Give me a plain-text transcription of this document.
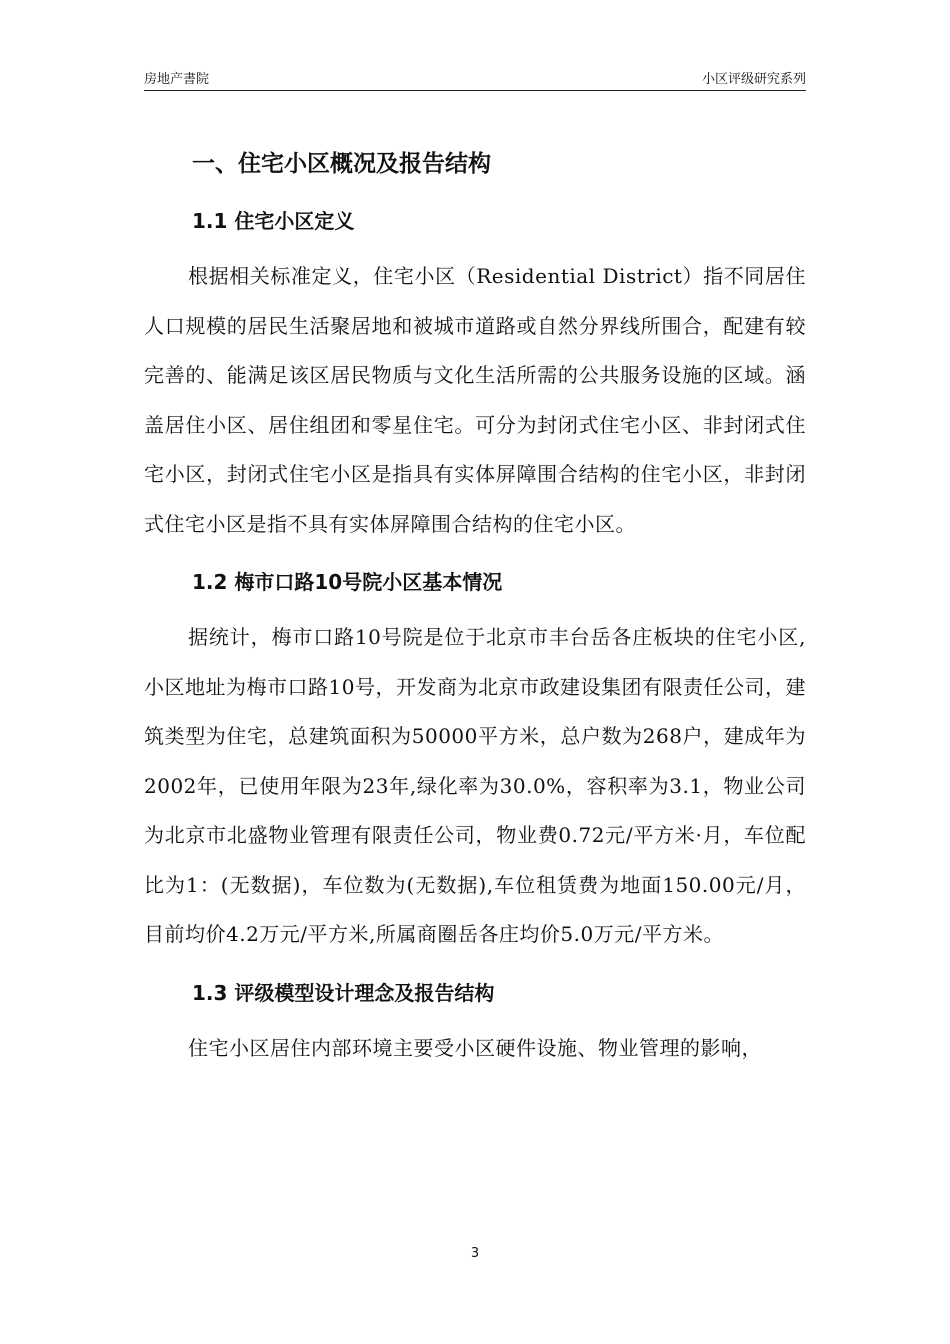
房地产書院	小区评级研究系列
一、住宅小区概况及报告结构
1.1 住宅小区定义

根据相关标准定义，住宅小区（Residential District）指不同居住人口规模的居民生活聚居地和被城市道路或自然分界线所围合，配建有较完善的、能满足该区居民物质与文化生活所需的公共服务设施的区域。涵盖居住小区、居住组团和零星住宅。可分为封闭式住宅小区、非封闭式住宅小区，封闭式住宅小区是指具有实体屏障围合结构的住宅小区，非封闭式住宅小区是指不具有实体屏障围合结构的住宅小区。

1.2 梅市口路10号院小区基本情况

据统计，梅市口路10号院是位于北京市丰台岳各庄板块的住宅小区,小区地址为梅市口路10号，开发商为北京市政建设集团有限责任公司，建筑类型为住宅，总建筑面积为50000平方米，总户数为268户，建成年为2002年，已使用年限为23年,绿化率为30.0%，容积率为3.1，物业公司为北京市北盛物业管理有限责任公司，物业费0.72元/平方米·月，车位配比为1：(无数据)，车位数为(无数据),车位租赁费为地面150.00元/月，目前均价4.2万元/平方米,所属商圈岳各庄均价5.0万元/平方米。

1.3 评级模型设计理念及报告结构

住宅小区居住内部环境主要受小区硬件设施、物业管理的影响，

3
